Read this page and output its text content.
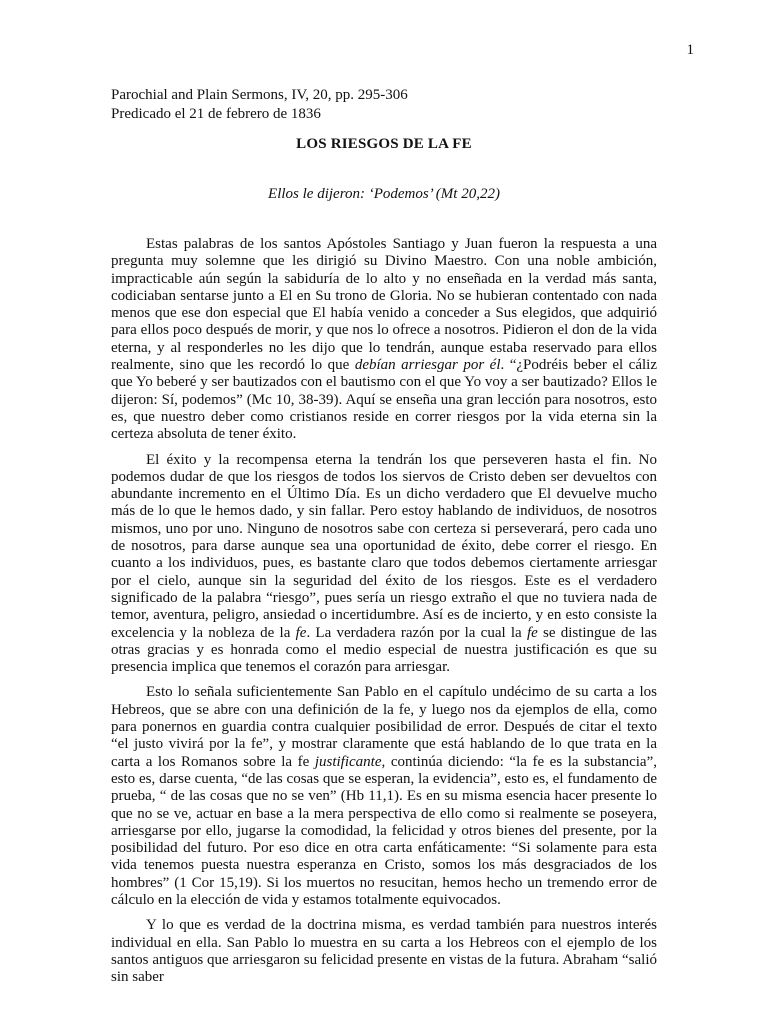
1
Parochial and Plain Sermons, IV, 20, pp. 295-306
Predicado el 21 de febrero de 1836
LOS RIESGOS DE LA FE
Ellos le dijeron: ‘Podemos’ (Mt 20,22)

Estas palabras de los santos Apóstoles Santiago y Juan fueron la respuesta a una pregunta muy solemne que les dirigió su Divino Maestro. Con una noble ambición, impracticable aún según la sabiduría de lo alto y no enseñada en la verdad más santa, codiciaban sentarse junto a El en Su trono de Gloria. No se hubieran contentado con nada menos que ese don especial que El había venido a conceder a Sus elegidos, que adquirió para ellos poco después de morir, y que nos lo ofrece a nosotros. Pidieron el don de la vida eterna, y al responderles no les dijo que lo tendrán, aunque estaba reservado para ellos realmente, sino que les recordó lo que debían arriesgar por él. “¿Podréis beber el cáliz que Yo beberé y ser bautizados con el bautismo con el que Yo voy a ser bautizado? Ellos le dijeron: Sí, podemos” (Mc 10, 38-39). Aquí se enseña una gran lección para nosotros, esto es, que nuestro deber como cristianos reside en correr riesgos por la vida eterna sin la certeza absoluta de tener éxito.

El éxito y la recompensa eterna la tendrán los que perseveren hasta el fin. No podemos dudar de que los riesgos de todos los siervos de Cristo deben ser devueltos con abundante incremento en el Último Día. Es un dicho verdadero que El devuelve mucho más de lo que le hemos dado, y sin fallar. Pero estoy hablando de individuos, de nosotros mismos, uno por uno. Ninguno de nosotros sabe con certeza si perseverará, pero cada uno de nosotros, para darse aunque sea una oportunidad de éxito, debe correr el riesgo. En cuanto a los individuos, pues, es bastante claro que todos debemos ciertamente arriesgar por el cielo, aunque sin la seguridad del éxito de los riesgos. Este es el verdadero significado de la palabra “riesgo”, pues sería un riesgo extraño el que no tuviera nada de temor, aventura, peligro, ansiedad o incertidumbre. Así es de incierto, y en esto consiste la excelencia y la nobleza de la fe. La verdadera razón por la cual la fe se distingue de las otras gracias y es honrada como el medio especial de nuestra justificación es que su presencia implica que tenemos el corazón para arriesgar.

Esto lo señala suficientemente San Pablo en el capítulo undécimo de su carta a los Hebreos, que se abre con una definición de la fe, y luego nos da ejemplos de ella, como para ponernos en guardia contra cualquier posibilidad de error. Después de citar el texto “el justo vivirá por la fe”, y mostrar claramente que está hablando de lo que trata en la carta a los Romanos sobre la fe justificante, continúa diciendo: “la fe es la substancia”, esto es, darse cuenta, “de las cosas que se esperan, la evidencia”, esto es, el fundamento de prueba, “ de las cosas que no se ven” (Hb 11,1). Es en su misma esencia hacer presente lo que no se ve, actuar en base a la mera perspectiva de ello como si realmente se poseyera, arriesgarse por ello, jugarse la comodidad, la felicidad y otros bienes del presente, por la posibilidad del futuro. Por eso dice en otra carta enfáticamente: “Si solamente para esta vida tenemos puesta nuestra esperanza en Cristo, somos los más desgraciados de los hombres” (1 Cor 15,19). Si los muertos no resucitan, hemos hecho un tremendo error de cálculo en la elección de vida y estamos totalmente equivocados.

Y lo que es verdad de la doctrina misma, es verdad también para nuestros interés individual en ella. San Pablo lo muestra en su carta a los Hebreos con el ejemplo de los santos antiguos que arriesgaron su felicidad presente en vistas de la futura. Abraham “salió sin saber
